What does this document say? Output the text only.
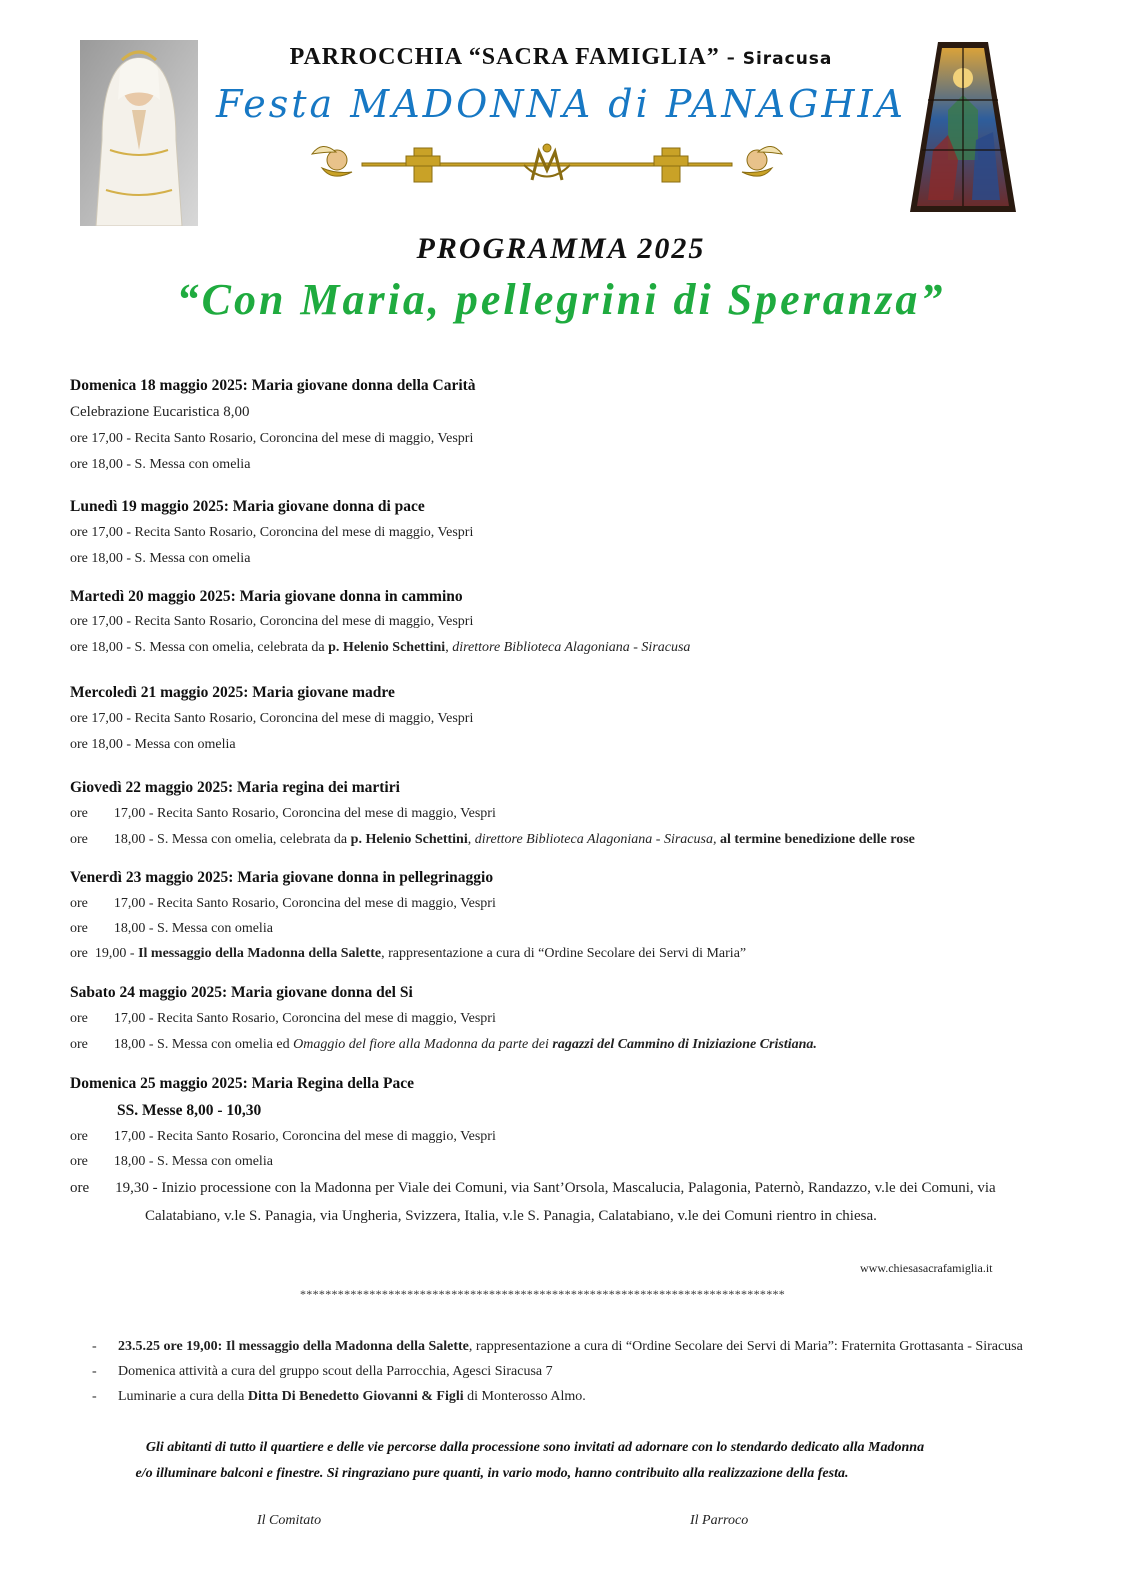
PARROCCHIA “SACRA FAMIGLIA” - Siracusa
Festa MADONNA di PANAGHIA
PROGRAMMA 2025
“Con Maria, pellegrini di Speranza”
Domenica 18 maggio 2025: Maria giovane donna della Carità
Celebrazione Eucaristica 8,00
ore 17,00 - Recita Santo Rosario, Coroncina del mese di maggio, Vespri
ore 18,00 - S. Messa con omelia
Lunedì 19 maggio 2025: Maria giovane donna di pace
ore 17,00 - Recita Santo Rosario, Coroncina del mese di maggio, Vespri
ore 18,00 - S. Messa con omelia
Martedì 20 maggio 2025: Maria giovane donna in cammino
ore 17,00 - Recita Santo Rosario, Coroncina del mese di maggio, Vespri
ore 18,00 - S. Messa con omelia, celebrata da p. Helenio Schettini, direttore Biblioteca Alagoniana - Siracusa
Mercoledì 21 maggio 2025: Maria giovane madre
ore 17,00 - Recita Santo Rosario, Coroncina del mese di maggio, Vespri
ore 18,00 - Messa con omelia
Giovedì 22 maggio 2025: Maria regina dei martiri
ore 17,00 - Recita Santo Rosario, Coroncina del mese di maggio, Vespri
ore 18,00 - S. Messa con omelia, celebrata da p. Helenio Schettini, direttore Biblioteca Alagoniana - Siracusa, al termine benedizione delle rose
Venerdì 23 maggio 2025: Maria giovane donna in pellegrinaggio
ore 17,00 - Recita Santo Rosario, Coroncina del mese di maggio, Vespri
ore 18,00 - S. Messa con omelia
ore 19,00 - Il messaggio della Madonna della Salette, rappresentazione a cura di “Ordine Secolare dei Servi di Maria”
Sabato 24 maggio 2025: Maria giovane donna del Si
ore 17,00 - Recita Santo Rosario, Coroncina del mese di maggio, Vespri
ore 18,00 - S. Messa con omelia ed Omaggio del fiore alla Madonna da parte dei ragazzi del Cammino di Iniziazione Cristiana.
Domenica 25 maggio 2025: Maria Regina della Pace
SS. Messe 8,00 - 10,30
ore 17,00 - Recita Santo Rosario, Coroncina del mese di maggio, Vespri
ore 18,00 - S. Messa con omelia
ore 19,30 - Inizio processione con la Madonna per Viale dei Comuni, via Sant’Orsola, Mascalucia, Palagonia, Paternò, Randazzo, v.le dei Comuni, via
Calatabiano, v.le S. Panagia, via Ungheria, Svizzera, Italia, v.le S. Panagia, Calatabiano, v.le dei Comuni rientro in chiesa.
www.chiesasacrafamiglia.it
*****************************************************************************
- 23.5.25 ore 19,00: Il messaggio della Madonna della Salette, rappresentazione a cura di “Ordine Secolare dei Servi di Maria”: Fraternita Grottasanta - Siracusa
- Domenica attività a cura del gruppo scout della Parrocchia, Agesci Siracusa 7
- Luminarie a cura della Ditta Di Benedetto Giovanni & Figli di Monterosso Almo.
Gli abitanti di tutto il quartiere e delle vie percorse dalla processione sono invitati ad adornare con lo stendardo dedicato alla Madonna
e/o illuminare balconi e finestre. Si ringraziano pure quanti, in vario modo, hanno contribuito alla realizzazione della festa.
Il Comitato	Il Parroco
